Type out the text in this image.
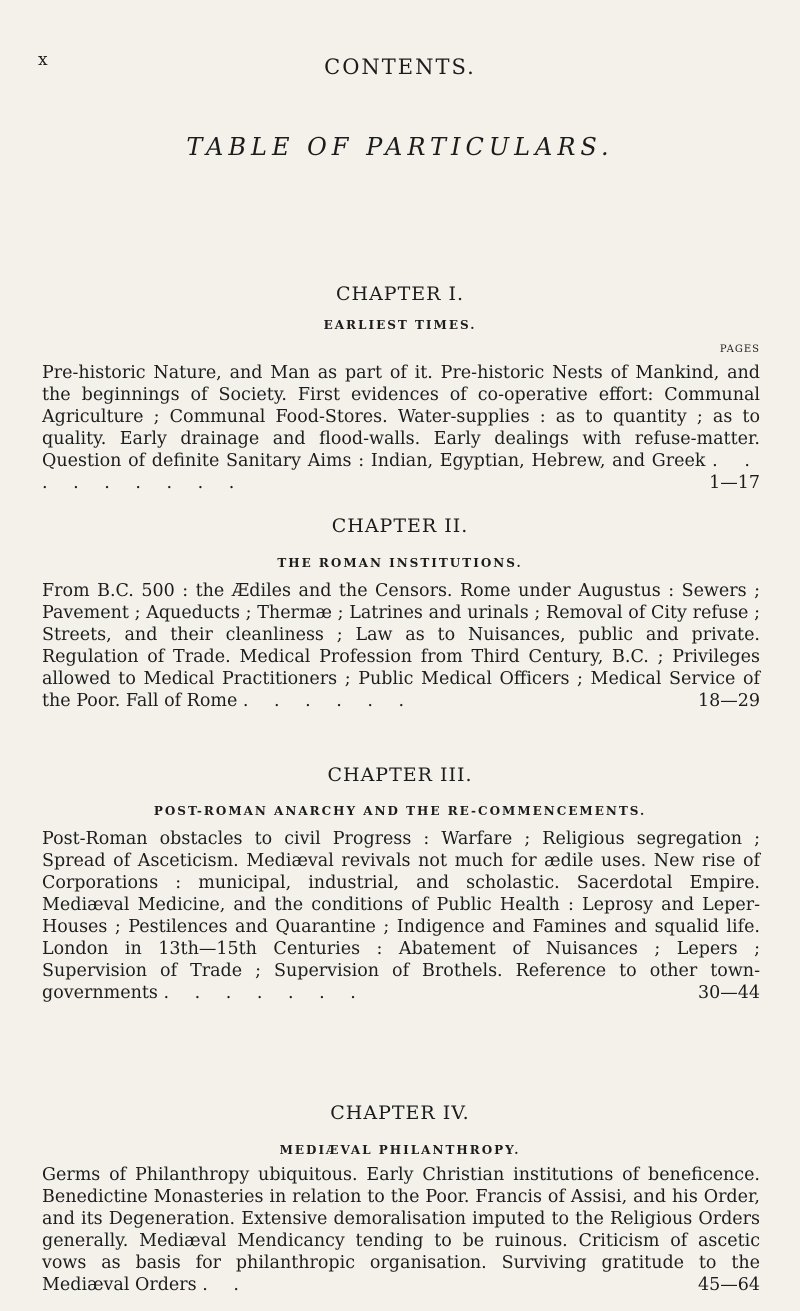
x	CONTENTS.
TABLE OF PARTICULARS.

CHAPTER I.

EARLIEST TIMES.

PAGES

Pre-historic Nature, and Man as part of it. Pre-historic Nests of Mankind, and the beginnings of Society. First evidences of co-operative effort: Communal Agriculture ; Communal Food-Stores. Water-supplies : as to quantity ; as to quality. Early drainage and flood-walls. Early dealings with refuse-matter. Question of definite Sanitary Aims : Indian, Egyptian, Hebrew, and Greek . . . . . . . . .	1—17

CHAPTER II.

THE ROMAN INSTITUTIONS.

From B.C. 500 : the Ædiles and the Censors. Rome under Augustus : Sewers ; Pavement ; Aqueducts ; Thermæ ; Latrines and urinals ; Removal of City refuse ; Streets, and their cleanliness ; Law as to Nuisances, public and private. Regulation of Trade. Medical Profession from Third Century, B.C. ; Privileges allowed to Medical Practitioners ; Public Medical Officers ; Medical Service of the Poor. Fall of Rome . . . . . .	18—29

CHAPTER III.

POST-ROMAN ANARCHY AND THE RE-COMMENCEMENTS.

Post-Roman obstacles to civil Progress : Warfare ; Religious segregation ; Spread of Asceticism. Mediæval revivals not much for ædile uses. New rise of Corporations : municipal, industrial, and scholastic. Sacerdotal Empire. Mediæval Medicine, and the conditions of Public Health : Leprosy and Leper-Houses ; Pestilences and Quarantine ; Indigence and Famines and squalid life. London in 13th—15th Centuries : Abatement of Nuisances ; Lepers ; Supervision of Trade ; Supervision of Brothels. Reference to other town-governments . . . . . . .	30—44

CHAPTER IV.

MEDIÆVAL PHILANTHROPY.

Germs of Philanthropy ubiquitous. Early Christian institutions of beneficence. Benedictine Monasteries in relation to the Poor. Francis of Assisi, and his Order, and its Degeneration. Extensive demoralisation imputed to the Religious Orders generally. Mediæval Mendicancy tending to be ruinous. Criticism of ascetic vows as basis for philanthropic organisation. Surviving gratitude to the Mediæval Orders . .	45—64
